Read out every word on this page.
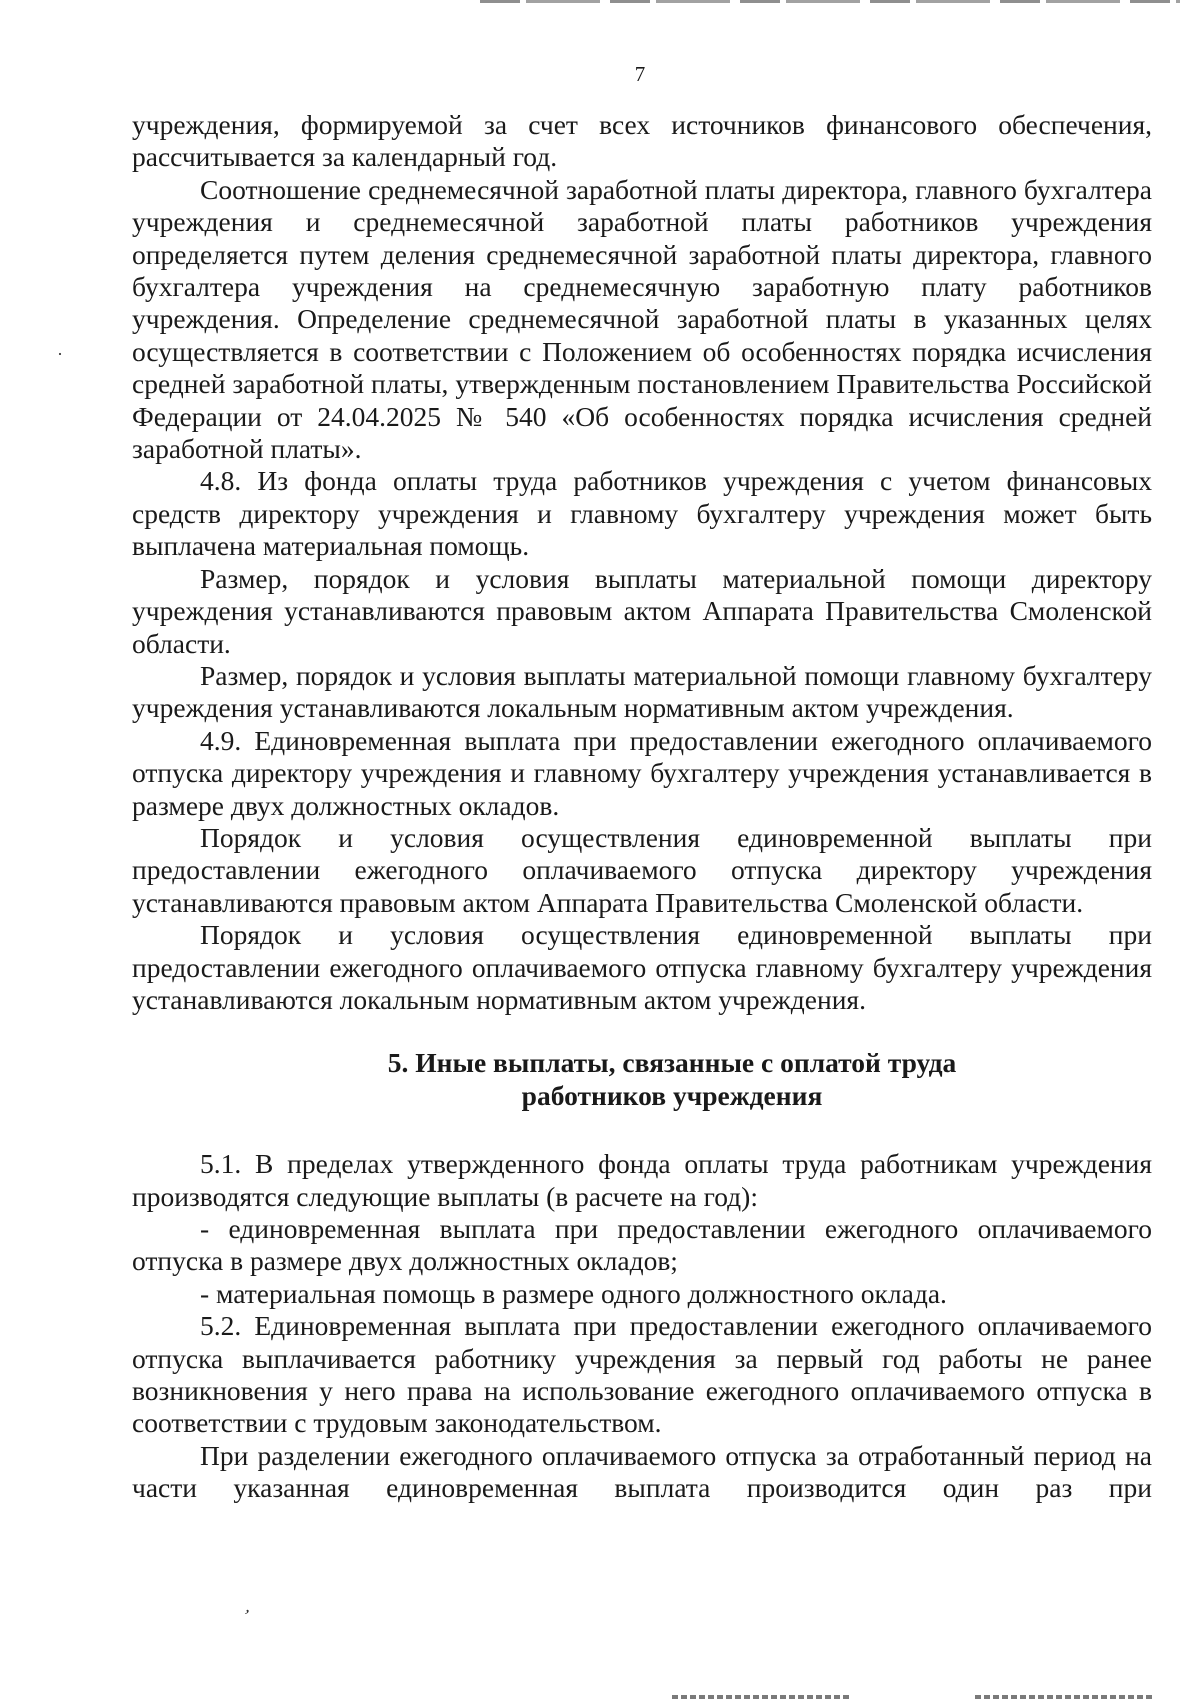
7

учреждения, формируемой за счет всех источников финансового обеспечения, рассчитывается за календарный год.

Соотношение среднемесячной заработной платы директора, главного бухгалтера учреждения и среднемесячной заработной платы работников учреждения определяется путем деления среднемесячной заработной платы директора, главного бухгалтера учреждения на среднемесячную заработную плату работников учреждения. Определение среднемесячной заработной платы в указанных целях осуществляется в соответствии с Положением об особенностях порядка исчисления средней заработной платы, утвержденным постановлением Правительства Российской Федерации от 24.04.2025 № 540 «Об особенностях порядка исчисления средней заработной платы».

4.8. Из фонда оплаты труда работников учреждения с учетом финансовых средств директору учреждения и главному бухгалтеру учреждения может быть выплачена материальная помощь.

Размер, порядок и условия выплаты материальной помощи директору учреждения устанавливаются правовым актом Аппарата Правительства Смоленской области.

Размер, порядок и условия выплаты материальной помощи главному бухгалтеру учреждения устанавливаются локальным нормативным актом учреждения.

4.9. Единовременная выплата при предоставлении ежегодного оплачиваемого отпуска директору учреждения и главному бухгалтеру учреждения устанавливается в размере двух должностных окладов.

Порядок и условия осуществления единовременной выплаты при предоставлении ежегодного оплачиваемого отпуска директору учреждения устанавливаются правовым актом Аппарата Правительства Смоленской области.

Порядок и условия осуществления единовременной выплаты при предоставлении ежегодного оплачиваемого отпуска главному бухгалтеру учреждения устанавливаются локальным нормативным актом учреждения.

5. Иные выплаты, связанные с оплатой труда
работников учреждения

5.1. В пределах утвержденного фонда оплаты труда работникам учреждения производятся следующие выплаты (в расчете на год):

- единовременная выплата при предоставлении ежегодного оплачиваемого отпуска в размере двух должностных окладов;

- материальная помощь в размере одного должностного оклада.

5.2. Единовременная выплата при предоставлении ежегодного оплачиваемого отпуска выплачивается работнику учреждения за первый год работы не ранее возникновения у него права на использование ежегодного оплачиваемого отпуска в соответствии с трудовым законодательством.

При разделении ежегодного оплачиваемого отпуска за отработанный период на части указанная единовременная выплата производится один раз при

·
,
